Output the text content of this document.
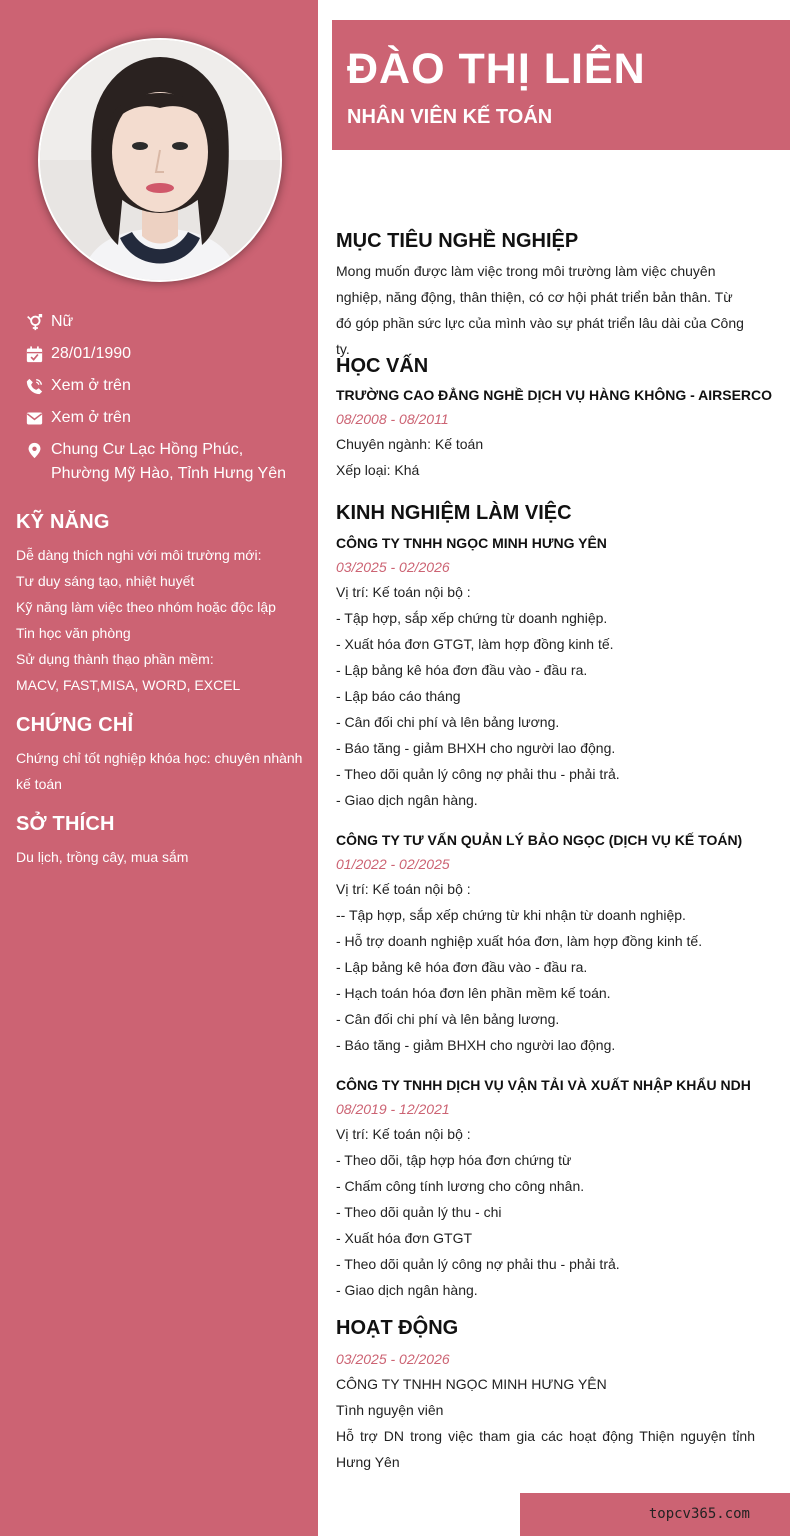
Nữ
28/01/1990
Xem ở trên
Xem ở trên
Chung Cư Lạc Hồng Phúc,
Phường Mỹ Hào, Tỉnh Hưng Yên
KỸ NĂNG
Dễ dàng thích nghi với môi trường mới:
Tư duy sáng tạo, nhiệt huyết
Kỹ năng làm việc theo nhóm hoặc độc lập
Tin học văn phòng
Sử dụng thành thạo phần mềm:
MACV, FAST,MISA, WORD, EXCEL
CHỨNG CHỈ
Chứng chỉ tốt nghiệp khóa học: chuyên nhành
kế toán
SỞ THÍCH
Du lịch, trồng cây, mua sắm
ĐÀO THỊ LIÊN
NHÂN VIÊN KẾ TOÁN
MỤC TIÊU NGHỀ NGHIỆP
Mong muốn được làm việc trong môi trường làm việc chuyên nghiệp, năng động, thân thiện, có cơ hội phát triển bản thân. Từ đó góp phần sức lực của mình vào sự phát triển lâu dài của Công ty.
HỌC VẤN
TRƯỜNG CAO ĐẲNG NGHỀ DỊCH VỤ HÀNG KHÔNG - AIRSERCO
08/2008 - 08/2011
Chuyên ngành: Kế toán
Xếp loại: Khá
KINH NGHIỆM LÀM VIỆC
CÔNG TY TNHH NGỌC MINH HƯNG YÊN
03/2025 - 02/2026
Vị trí: Kế toán nội bộ :
- Tập hợp, sắp xếp chứng từ doanh nghiệp.
- Xuất hóa đơn GTGT, làm hợp đồng kinh tế.
- Lập bảng kê hóa đơn đầu vào - đầu ra.
- Lập báo cáo tháng
- Cân đối chi phí và lên bảng lương.
- Báo tăng - giảm BHXH cho người lao động.
- Theo dõi quản lý công nợ phải thu - phải trả.
- Giao dịch ngân hàng.
CÔNG TY TƯ VẤN QUẢN LÝ BẢO NGỌC (DỊCH VỤ KẾ TOÁN)
01/2022 - 02/2025
Vị trí: Kế toán nội bộ :
-- Tập hợp, sắp xếp chứng từ khi nhận từ doanh nghiệp.
- Hỗ trợ doanh nghiệp xuất hóa đơn, làm hợp đồng kinh tế.
- Lập bảng kê hóa đơn đầu vào - đầu ra.
- Hạch toán hóa đơn lên phần mềm kế toán.
- Cân đối chi phí và lên bảng lương.
- Báo tăng - giảm BHXH cho người lao động.
CÔNG TY TNHH DỊCH VỤ VẬN TẢI VÀ XUẤT NHẬP KHẨU NDH
08/2019 - 12/2021
Vị trí: Kế toán nội bộ :
- Theo dõi, tập hợp hóa đơn chứng từ
- Chấm công tính lương cho công nhân.
- Theo dõi quản lý thu - chi
- Xuất hóa đơn GTGT
- Theo dõi quản lý công nợ phải thu - phải trả.
- Giao dịch ngân hàng.
HOẠT ĐỘNG
03/2025 - 02/2026
CÔNG TY TNHH NGỌC MINH HƯNG YÊN
Tình nguyện viên
Hỗ trợ DN trong việc tham gia các hoạt động Thiện nguyện tỉnh Hưng Yên
topcv365.com
